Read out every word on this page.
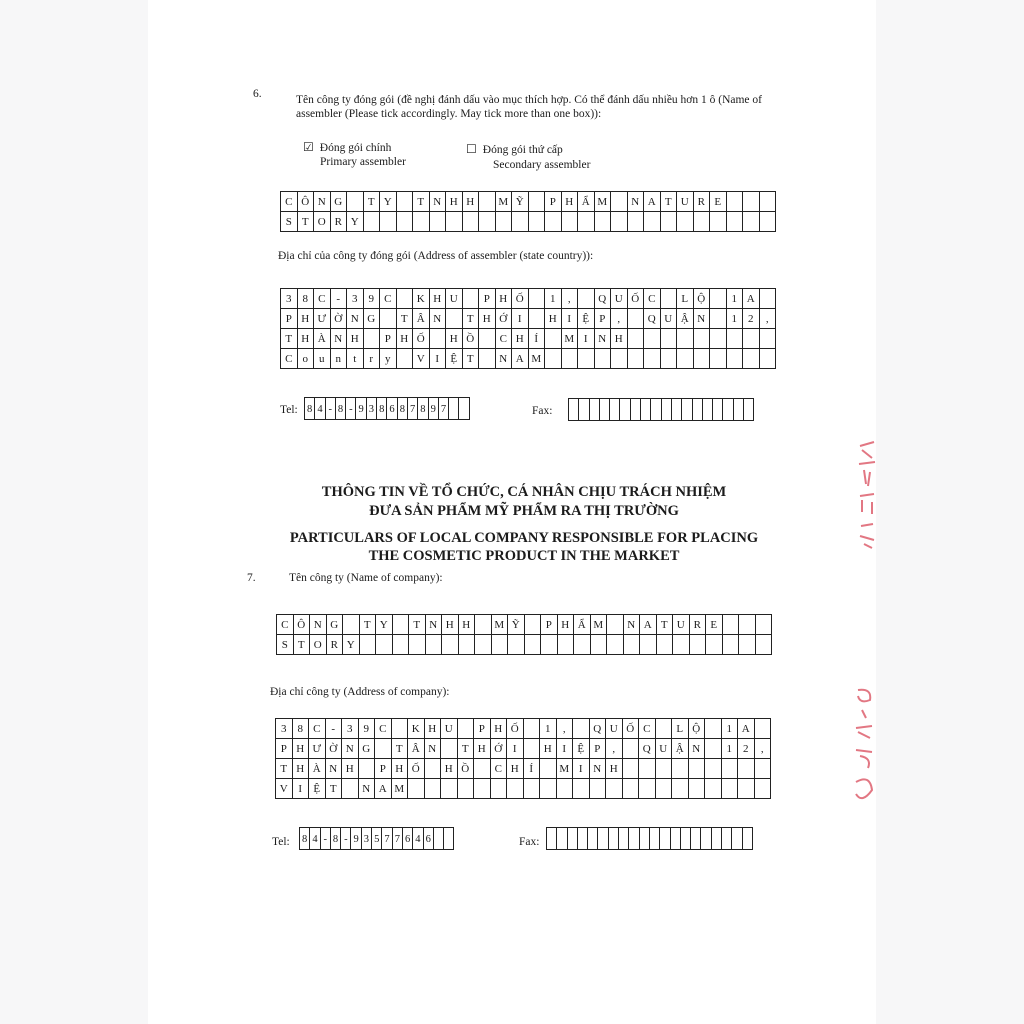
6.	Tên công ty đóng gói (đề nghị đánh dấu vào mục thích hợp. Có thể đánh dấu nhiều hơn 1 ô (Name of
assembler (Please tick accordingly. May tick more than one box)):
☑ Đóng gói chính
Primary assembler
☐ Đóng gói thứ cấp
Secondary assembler
C Ô N G	T Y	T N H H	M Ỹ	P H Ẩ M	N A T U R E
S T O R Y
Địa chỉ của công ty đóng gói (Address of assembler (state country)):
3	8 C -	3	9 C	K H U	P H Ố	1	,	Q U Ố C	L Ộ	1 A
P H Ư Ờ N G	T Â N	T H Ớ I	H I	Ệ P	,	Q U Ậ N	1	2	,
T H À N H	P H Ố	H Ồ	C H Í	M I N H
C o	u	n	t	r	y	V I	Ệ T	N A M
Tel: 8 4 - 8 - 9 3 8 6 8 7 8 9 7	Fax:
THÔNG TIN VỀ TỔ CHỨC, CÁ NHÂN CHỊU TRÁCH NHIỆM
ĐƯA SẢN PHẨM MỸ PHẨM RA THỊ TRƯỜNG
PARTICULARS OF LOCAL COMPANY RESPONSIBLE FOR PLACING
THE COSMETIC PRODUCT IN THE MARKET
7.	Tên công ty (Name of company):
C Ô N G	T Y	T N H H	M Ỹ	P H Ẩ M	N A T U R E
S T O R Y
Địa chỉ công ty (Address of company):
3	8 C -	3	9 C	K H U	P H Ố	1	,	Q U Ố C	L Ộ	1 A
P H Ư Ờ N G	T Â N	T H Ớ I	H I	Ệ P	,	Q U Ậ N	1	2	,
T H À N H	P H Ố	H Ồ	C H Í	M I N H
V I	Ệ T	N A M
Tel: 8 4 - 8 - 9 3 5 7 7 6 4 6	Fax:
